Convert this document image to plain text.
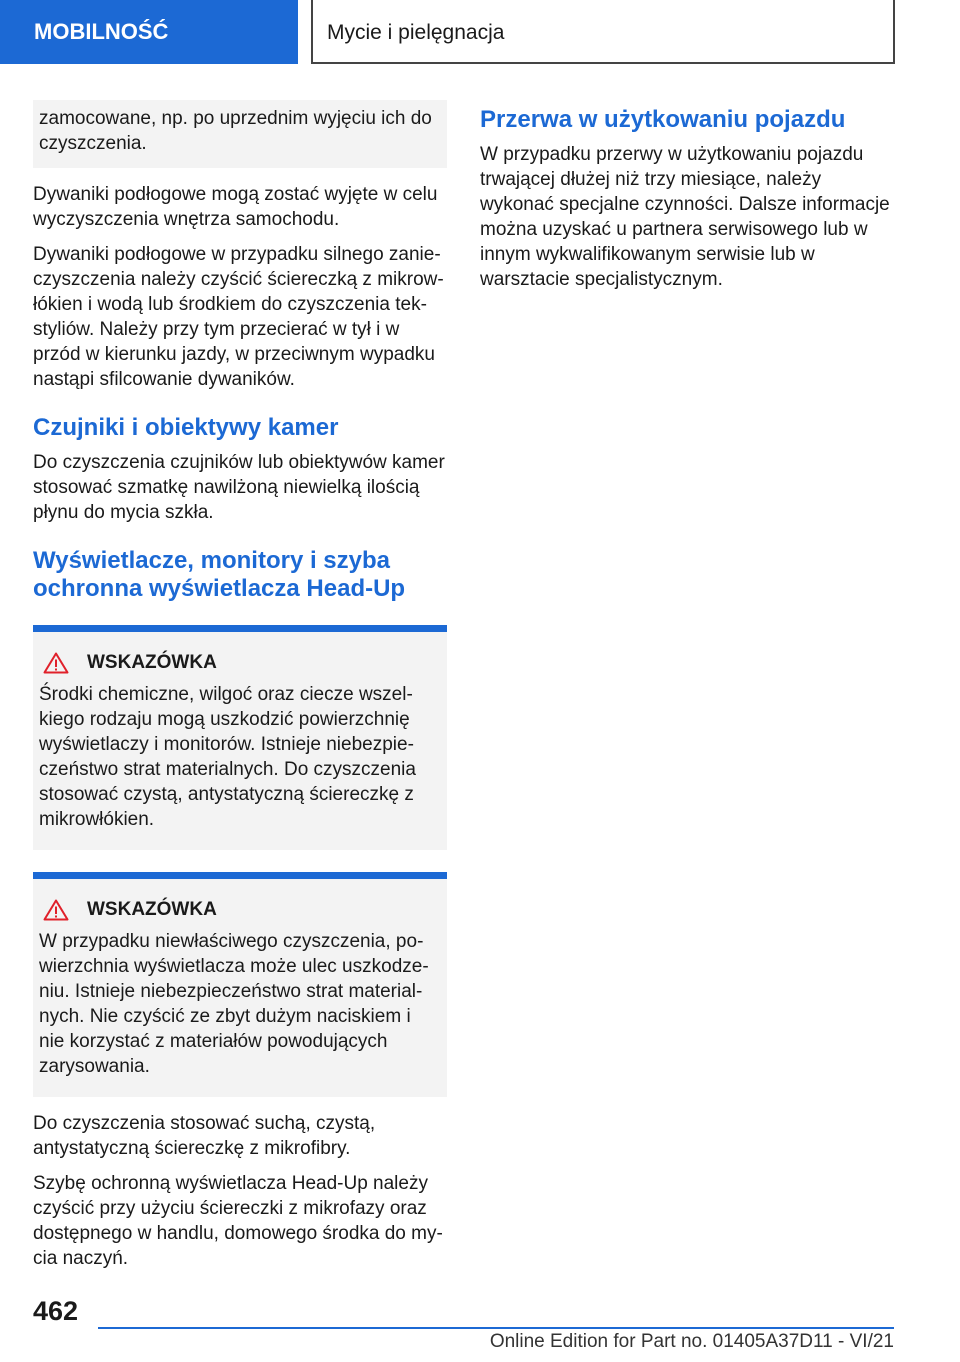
MOBILNOŚĆ	Mycie i pielęgnacja

zamocowane, np. po uprzednim wyjęciu ich do czyszczenia.

Dywaniki podłogowe mogą zostać wyjęte w celu wyczyszczenia wnętrza samochodu.

Dywaniki podłogowe w przypadku silnego zanieczyszczenia należy czyścić ściereczką z mikrowłókien i wodą lub środkiem do czyszczenia tekstyliów. Należy przy tym przecierać w tył i w przód w kierunku jazdy, w przeciwnym wypadku nastąpi sfilcowanie dywaników.

Czujniki i obiektywy kamer

Do czyszczenia czujników lub obiektywów kamer stosować szmatkę nawilżoną niewielką ilością płynu do mycia szkła.

Wyświetlacze, monitory i szyba ochronna wyświetlacza Head-Up
WSKAZÓWKA

Środki chemiczne, wilgoć oraz ciecze wszelkiego rodzaju mogą uszkodzić powierzchnię wyświetlaczy i monitorów. Istnieje niebezpieczeństwo strat materialnych. Do czyszczenia stosować czystą, antystatyczną ściereczkę z mikrowłókien.

WSKAZÓWKA

W przypadku niewłaściwego czyszczenia, powierzchnia wyświetlacza może ulec uszkodzeniu. Istnieje niebezpieczeństwo strat materialnych. Nie czyścić ze zbyt dużym naciskiem i nie korzystać z materiałów powodujących zarysowania.

Do czyszczenia stosować suchą, czystą, antystatyczną ściereczkę z mikrofibry.

Szybę ochronną wyświetlacza Head-Up należy czyścić przy użyciu ściereczki z mikrofazy oraz dostępnego w handlu, domowego środka do mycia naczyń.

Przerwa w użytkowaniu pojazdu

W przypadku przerwy w użytkowaniu pojazdu trwającej dłużej niż trzy miesiące, należy wykonać specjalne czynności. Dalsze informacje można uzyskać u partnera serwisowego lub w innym wykwalifikowanym serwisie lub w warsztacie specjalistycznym.

462
Online Edition for Part no. 01405A37D11 - VI/21
